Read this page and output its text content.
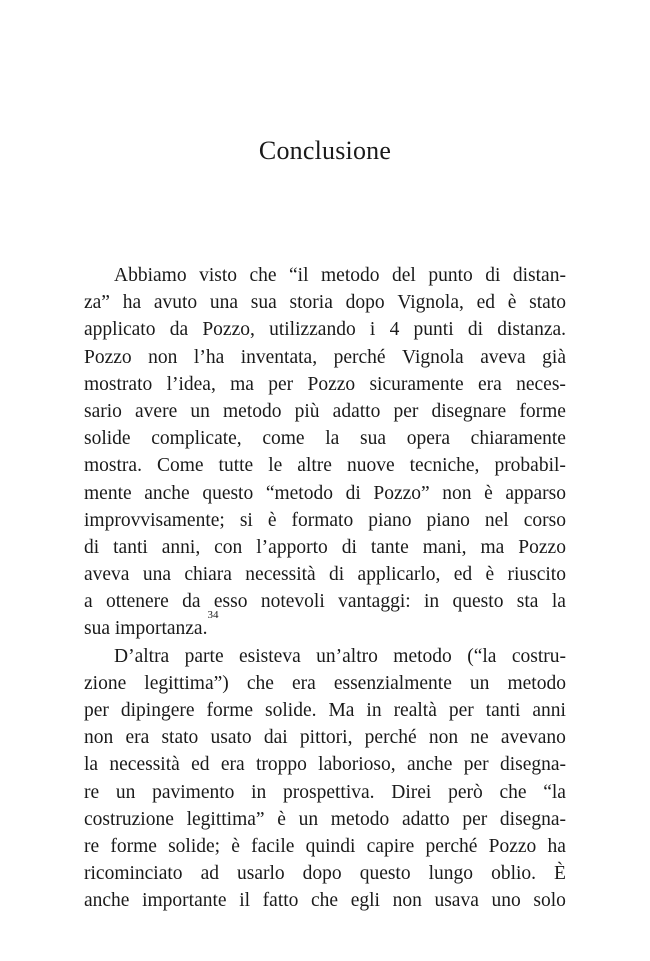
Conclusione
Abbiamo visto che “il metodo del punto di distan-
za” ha avuto una sua storia dopo Vignola, ed è stato
applicato da Pozzo, utilizzando i 4 punti di distanza.
Pozzo non l’ha inventata, perché Vignola aveva già
mostrato l’idea, ma per Pozzo sicuramente era neces-
sario avere un metodo più adatto per disegnare forme
solide complicate, come la sua opera chiaramente
mostra. Come tutte le altre nuove tecniche, probabil-
mente anche questo “metodo di Pozzo” non è apparso
improvvisamente; si è formato piano piano nel corso
di tanti anni, con l’apporto di tante mani, ma Pozzo
aveva una chiara necessità di applicarlo, ed è riuscito
a ottenere da esso notevoli vantaggi: in questo sta la
sua importanza.
34
D’altra parte esisteva un’altro metodo (“la costru-
zione legittima”) che era essenzialmente un metodo
per dipingere forme solide. Ma in realtà per tanti anni
non era stato usato dai pittori, perché non ne avevano
la necessità ed era troppo laborioso, anche per disegna-
re un pavimento in prospettiva. Direi però che “la
costruzione legittima” è un metodo adatto per disegna-
re forme solide; è facile quindi capire perché Pozzo ha
ricominciato ad usarlo dopo questo lungo oblio. È
anche importante il fatto che egli non usava uno solo
